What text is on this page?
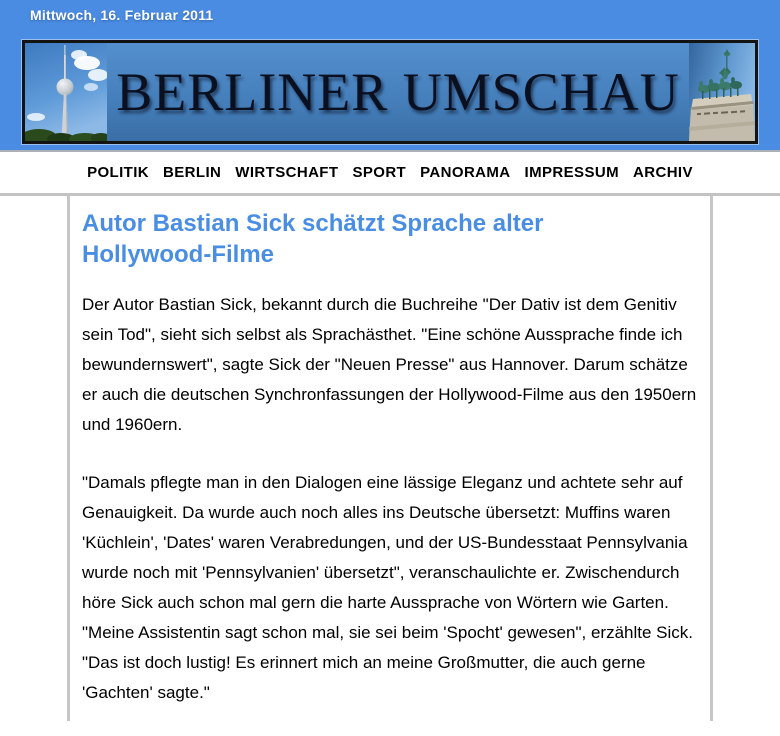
Mittwoch, 16. Februar 2011
BERLINER UMSCHAU
POLITIK BERLIN WIRTSCHAFT SPORT PANORAMA IMPRESSUM ARCHIV
Autor Bastian Sick schätzt Sprache alter
Hollywood-Filme

Der Autor Bastian Sick, bekannt durch die Buchreihe "Der Dativ ist dem Genitiv sein Tod", sieht sich selbst als Sprachästhet. "Eine schöne Aussprache finde ich bewundernswert", sagte Sick der "Neuen Presse" aus Hannover. Darum schätze er auch die deutschen Synchronfassungen der Hollywood-Filme aus den 1950ern und 1960ern.

"Damals pflegte man in den Dialogen eine lässige Eleganz und achtete sehr auf Genauigkeit. Da wurde auch noch alles ins Deutsche übersetzt: Muffins waren 'Küchlein', 'Dates' waren Verabredungen, und der US-Bundesstaat Pennsylvania wurde noch mit 'Pennsylvanien' übersetzt", veranschaulichte er. Zwischendurch höre Sick auch schon mal gern die harte Aussprache von Wörtern wie Garten. "Meine Assistentin sagt schon mal, sie sei beim 'Spocht' gewesen", erzählte Sick. "Das ist doch lustig! Es erinnert mich an meine Großmutter, die auch gerne 'Gachten' sagte."
